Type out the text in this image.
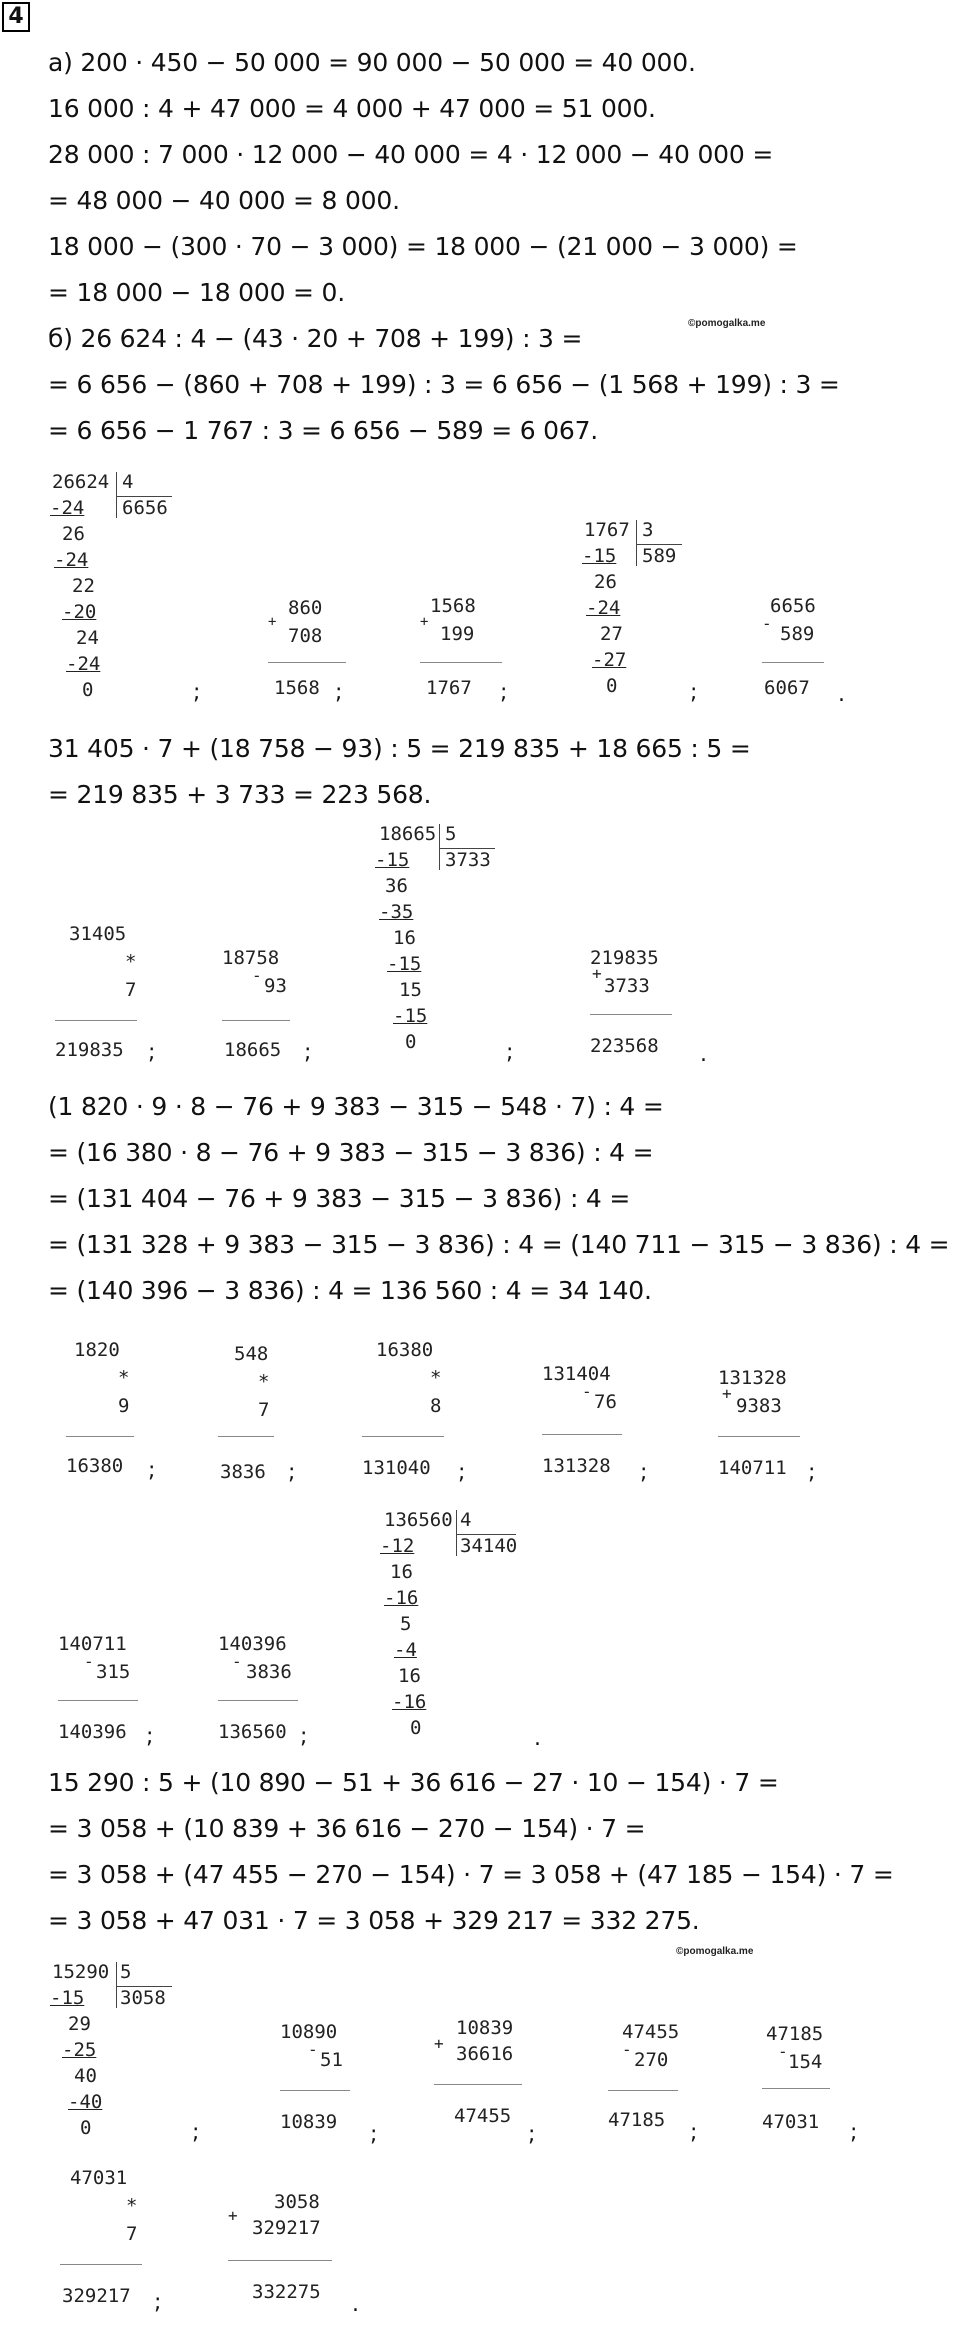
4
а) 200 · 450 − 50 000 = 90 000 − 50 000 = 40 000.
16 000 : 4 + 47 000 = 4 000 + 47 000 = 51 000.
28 000 : 7 000 · 12 000 − 40 000 = 4 · 12 000 − 40 000 =
= 48 000 − 40 000 = 8 000.
18 000 − (300 · 70 − 3 000) = 18 000 − (21 000 − 3 000) =
= 18 000 − 18 000 = 0.
б) 26 624 : 4 − (43 · 20 + 708 + 199) : 3 =
= 6 656 − (860 + 708 + 199) : 3 = 6 656 − (1 568 + 199) : 3 =
= 6 656 − 1 767 : 3 = 6 656 − 589 = 6 067.
©pomogalka.me
26624 4
6656
-24
26
-24
22
-20
24
-24
0	;
+
860
708
1568 ;
+
1568
199
1767 ;
1767 3
589
-15
26
-24
27
-27
0	;
-
6656
589
6067 .
31 405 · 7 + (18 758 − 93) : 5 = 219 835 + 18 665 : 5 =
= 219 835 + 3 733 = 223 568.
31405
*
7
219835 ;
18758
- 93
18665 ;
18665 5
3733
-15
36
-35
16
-15
15
-15
0	;
219835
+
3733
223568 .
(1 820 · 9 · 8 − 76 + 9 383 − 315 − 548 · 7) : 4 =
= (16 380 · 8 − 76 + 9 383 − 315 − 3 836) : 4 =
= (131 404 − 76 + 9 383 − 315 − 3 836) : 4 =
= (131 328 + 9 383 − 315 − 3 836) : 4 = (140 711 − 315 − 3 836) : 4 =
= (140 396 − 3 836) : 4 = 136 560 : 4 = 34 140.
1820
*
9
16380 ;
548
*
7
3836 ;
16380
*
8
131040 ;
131404
- 76
131328 ;
131328
+
9383
140711 ;
140711
- 315
140396 ;
140396
- 3836
136560 ;
136560 4
34140
-12
16
-16
5
-4
16
-16
0	.
15 290 : 5 + (10 890 − 51 + 36 616 − 27 · 10 − 154) · 7 =
= 3 058 + (10 839 + 36 616 − 270 − 154) · 7 =
= 3 058 + (47 455 − 270 − 154) · 7 = 3 058 + (47 185 − 154) · 7 =
= 3 058 + 47 031 · 7 = 3 058 + 329 217 = 332 275.
©pomogalka.me
15290 5
3058
-15
29
-25
40
-40
0	;
10890
- 51
10839 ;
+
10839
36616
47455
;
47455
- 270
47185 ;
47185
- 154
47031 ;
47031
*
7
329217 ;
+
3058
329217
332275 .
